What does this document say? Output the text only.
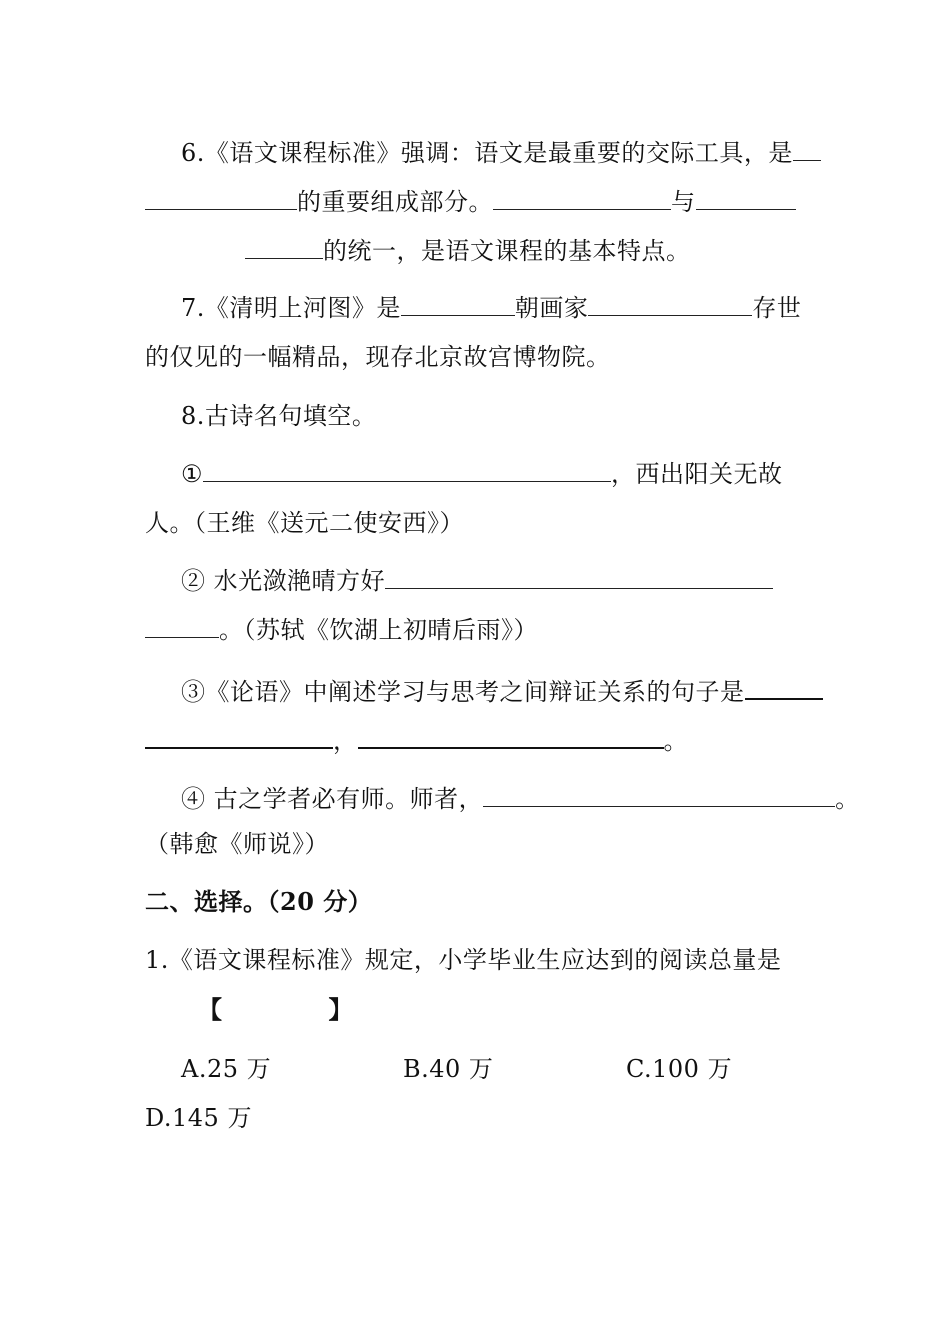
6.《语文课程标准》强调：语文是最重要的交际工具，是
的重要组成部分。	与
的统一，是语文课程的基本特点。
7.《清明上河图》是	朝画家	存世
的仅见的一幅精品，现存北京故宫博物院。
8.古诗名句填空。
①	，西出阳关无故
人。（王维《送元二使安西》）
② 水光潋滟晴方好
。（苏轼《饮湖上初晴后雨》）
③《论语》中阐述学习与思考之间辩证关系的句子是
，	。
④ 古之学者必有师。师者，	。
（韩愈《师说》）
二、选择。（20 分）
1.《语文课程标准》规定，小学毕业生应达到的阅读总量是
【	】
A.25 万	B.40 万	C.100 万
D.145 万
